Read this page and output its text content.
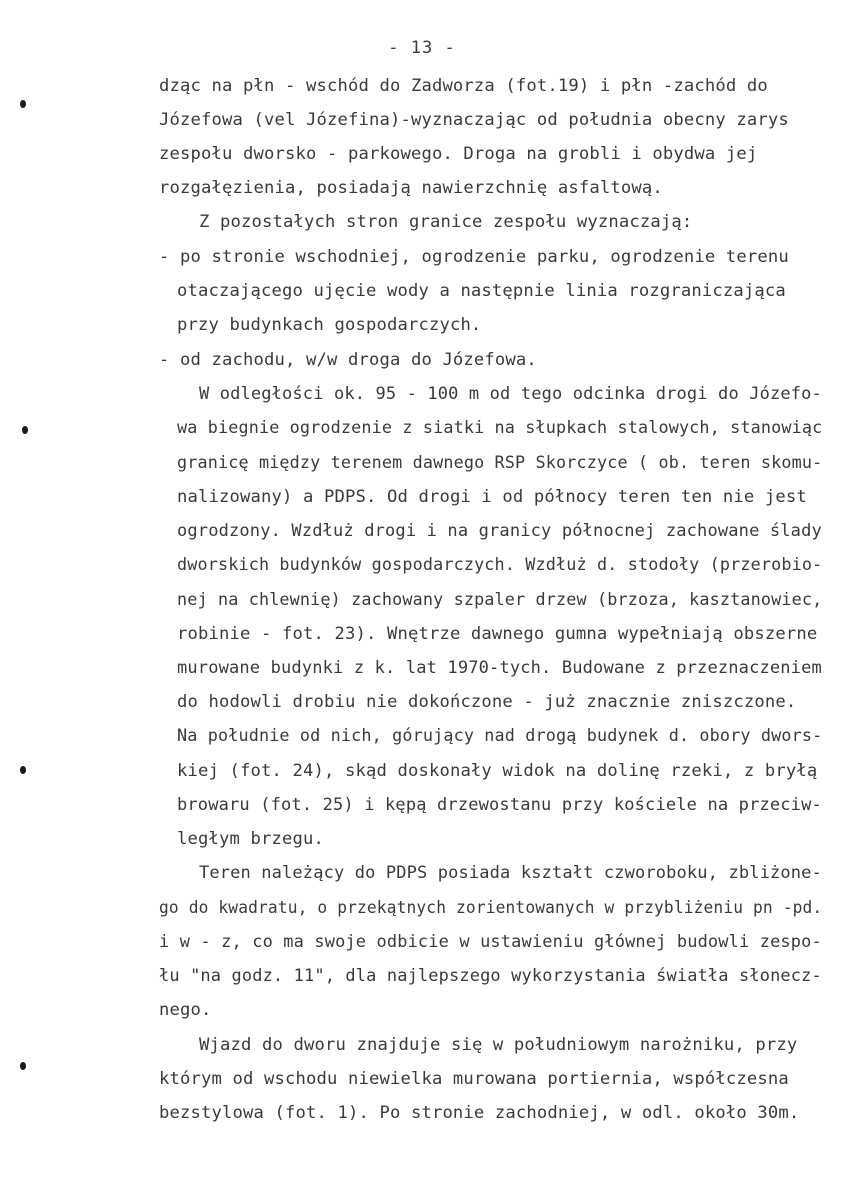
- 13 -
dząc na płn - wschód do Zadworza (fot.19) i płn -zachód do
Józefowa (vel Józefina)-wyznaczając od południa obecny zarys
zespołu dworsko - parkowego. Droga na grobli i obydwa jej
rozgałęzienia, posiadają nawierzchnię asfaltową.
Z pozostałych stron granice zespołu wyznaczają:
- po stronie wschodniej, ogrodzenie parku, ogrodzenie terenu
otaczającego ujęcie wody a następnie linia rozgraniczająca
przy budynkach gospodarczych.
- od zachodu, w/w droga do Józefowa.
W odległości ok. 95 - 100 m od tego odcinka drogi do Józefo-
wa biegnie ogrodzenie z siatki na słupkach stalowych, stanowiąc
granicę między terenem dawnego RSP Skorczyce ( ob. teren skomu-
nalizowany) a PDPS. Od drogi i od północy teren ten nie jest
ogrodzony. Wzdłuż drogi i na granicy północnej zachowane ślady
dworskich budynków gospodarczych. Wzdłuż d. stodoły (przerobio-
nej na chlewnię) zachowany szpaler drzew (brzoza, kasztanowiec,
robinie - fot. 23). Wnętrze dawnego gumna wypełniają obszerne
murowane budynki z k. lat 1970-tych. Budowane z przeznaczeniem
do hodowli drobiu nie dokończone - już znacznie zniszczone.
Na południe od nich, górujący nad drogą budynek d. obory dwors-
kiej (fot. 24), skąd doskonały widok na dolinę rzeki, z bryłą
browaru (fot. 25) i kępą drzewostanu przy kościele na przeciw-
ległym brzegu.
Teren należący do PDPS posiada kształt czworoboku, zbliżone-
go do kwadratu, o przekątnych zorientowanych w przybliżeniu pn -pd.
i w - z, co ma swoje odbicie w ustawieniu głównej budowli zespo-
łu "na godz. 11", dla najlepszego wykorzystania światła słonecz-
nego.
Wjazd do dworu znajduje się w południowym narożniku, przy
którym od wschodu niewielka murowana portiernia, współczesna
bezstylowa (fot. 1). Po stronie zachodniej, w odl. około 30m.
